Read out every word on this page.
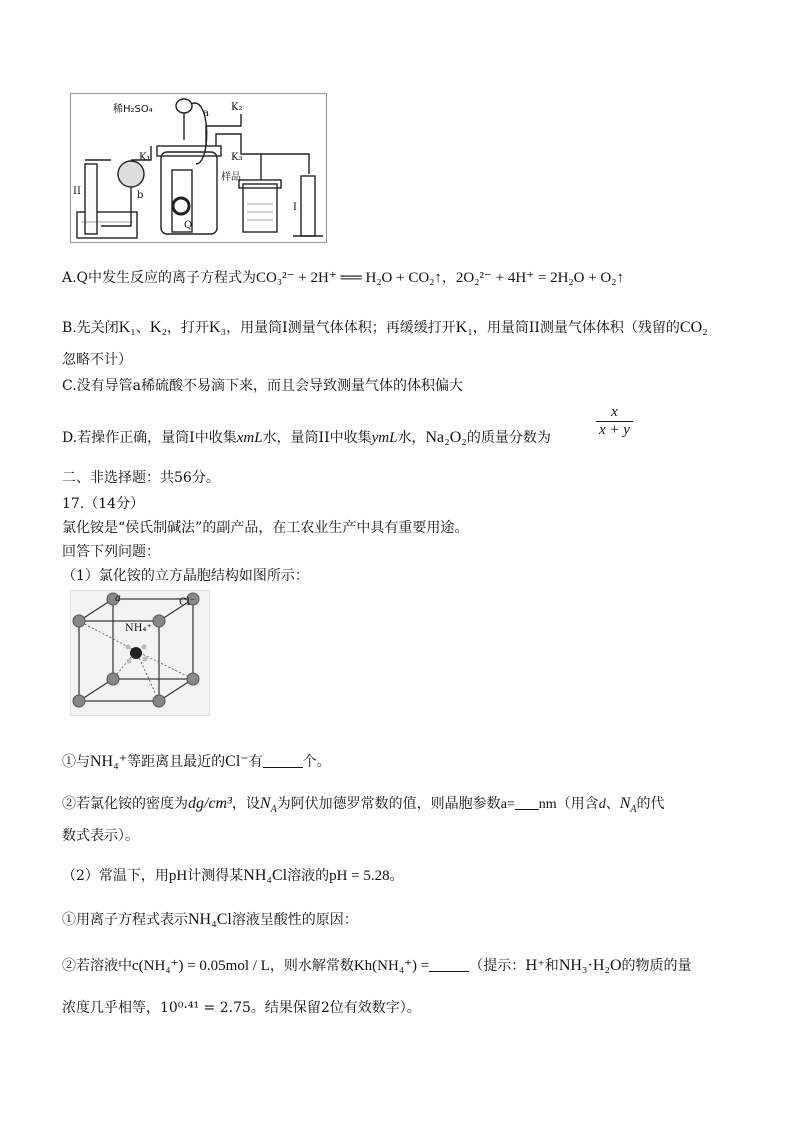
稀H₂SO₄	a
K₂
K₁	K₃
b
样品
Q
II
I
A.Q中发生反应的离子方程式为CO₃²⁻ + 2H⁺ ══ H₂O + CO₂↑，2O₂²⁻ + 4H⁺ = 2H₂O + O₂↑
B.先关闭K₁、K₂，打开K₃，用量筒I测量气体体积；再缓缓打开K₁，用量筒II测量气体体积（残留的CO₂
忽略不计）
C.没有导管a稀硫酸不易滴下来，而且会导致测量气体的体积偏大
D.若操作正确，量筒I中收集xmL水，量筒II中收集ymL水，Na₂O₂的质量分数为	$\frac{x}{x + y}$
二、非选择题：共56分。
17.（14分）
氯化铵是“侯氏制碱法”的副产品，在工农业生产中具有重要用途。
回答下列问题：
（1）氯化铵的立方晶胞结构如图所示：
a	Cl⁻
NH₄⁺
①与NH₄⁺等距离且最近的Cl⁻有	个。
②若氯化铵的密度为dg/cm³，设$N_A$为阿伏加德罗常数的值，则晶胞参数a= nm（用含d、$N_A$的代
数式表示）。
（2）常温下，用pH计测得某NH₄Cl溶液的pH = 5.28。
①用离子方程式表示NH₄Cl溶液呈酸性的原因：
②若溶液中c(NH₄⁺) = 0.05mol / L，则水解常数Kh(NH₄⁺) =	（提示：H⁺和NH₃·H₂O的物质的量
浓度几乎相等，10⁰·⁴¹ = 2.75。结果保留2位有效数字）。
